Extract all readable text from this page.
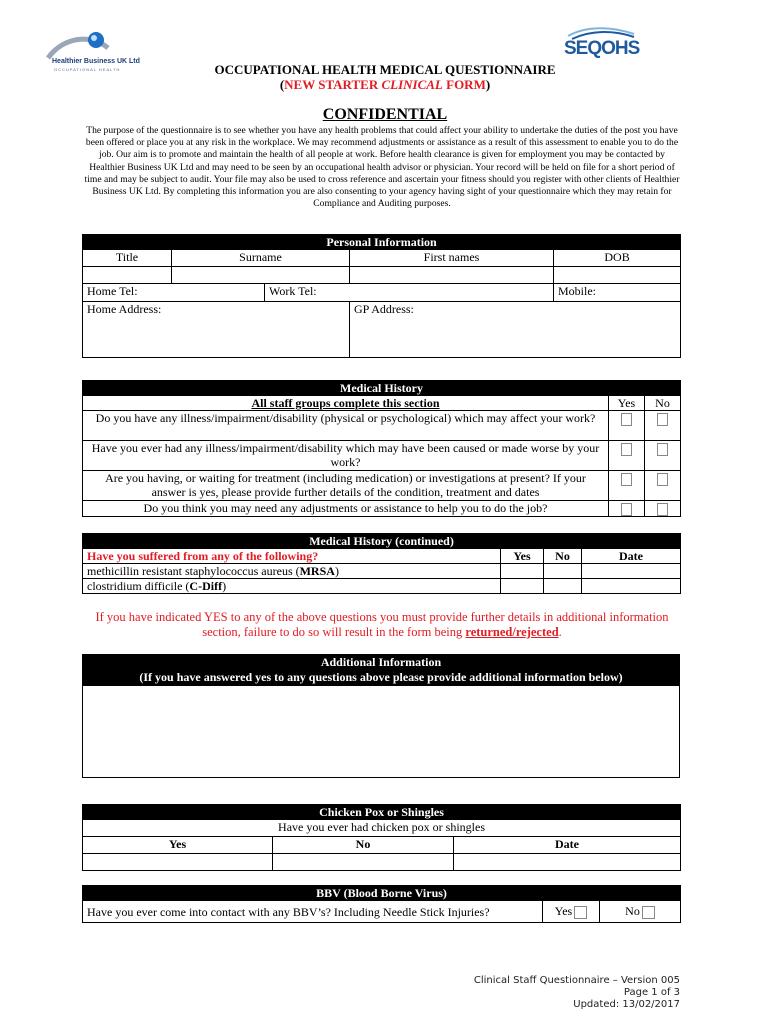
Healthier Business UK Ltd
OCCUPATIONAL HEALTH
SEQOHS
OCCUPATIONAL HEALTH MEDICAL QUESTIONNAIRE
(NEW STARTER CLINICAL FORM)
CONFIDENTIAL
The purpose of the questionnaire is to see whether you have any health problems that could affect your ability to undertake the duties of the post you have been offered or place you at any risk in the workplace. We may recommend adjustments or assistance as a result of this assessment to enable you to do the job. Our aim is to promote and maintain the health of all people at work. Before health clearance is given for employment you may be contacted by Healthier Business UK Ltd and may need to be seen by an occupational health advisor or physician. Your record will be held on file for a short period of time and may be subject to audit. Your file may also be used to cross reference and ascertain your fitness should you register with other clients of Healthier Business UK Ltd. By completing this information you are also consenting to your agency having sight of your questionnaire which they may retain for Compliance and Auditing purposes.
Personal Information				
Title	Surname		First names	DOB

Home Tel:		Work Tel:		Mobile:
Home Address:			GP Address:	
Medical History		
All staff groups complete this section	Yes	No
Do you have any illness/impairment/disability (physical or psychological) which may affect your work?		
Have you ever had any illness/impairment/disability which may have been caused or made worse by your work?		
Are you having, or waiting for treatment (including medication) or investigations at present? If your answer is yes, please provide further details of the condition, treatment and dates		
Do you think you may need any adjustments or assistance to help you to do the job?		
Medical History (continued)			
Have you suffered from any of the following?	Yes	No	Date
methicillin resistant staphylococcus aureus (MRSA)			
clostridium difficile (C-Diff)			
If you have indicated YES to any of the above questions you must provide further details in additional information section, failure to do so will result in the form being returned/rejected.
Additional Information
(If you have answered yes to any questions above please provide additional information below)

Chicken Pox or Shingles		
Have you ever had chicken pox or shingles		
Yes	No	Date

BBV (Blood Borne Virus)
Have you ever come into contact with any BBV’s? Including Needle Stick Injuries?	Yes	No
Clinical Staff Questionnaire – Version 005
Page 1 of 3
Updated: 13/02/2017
